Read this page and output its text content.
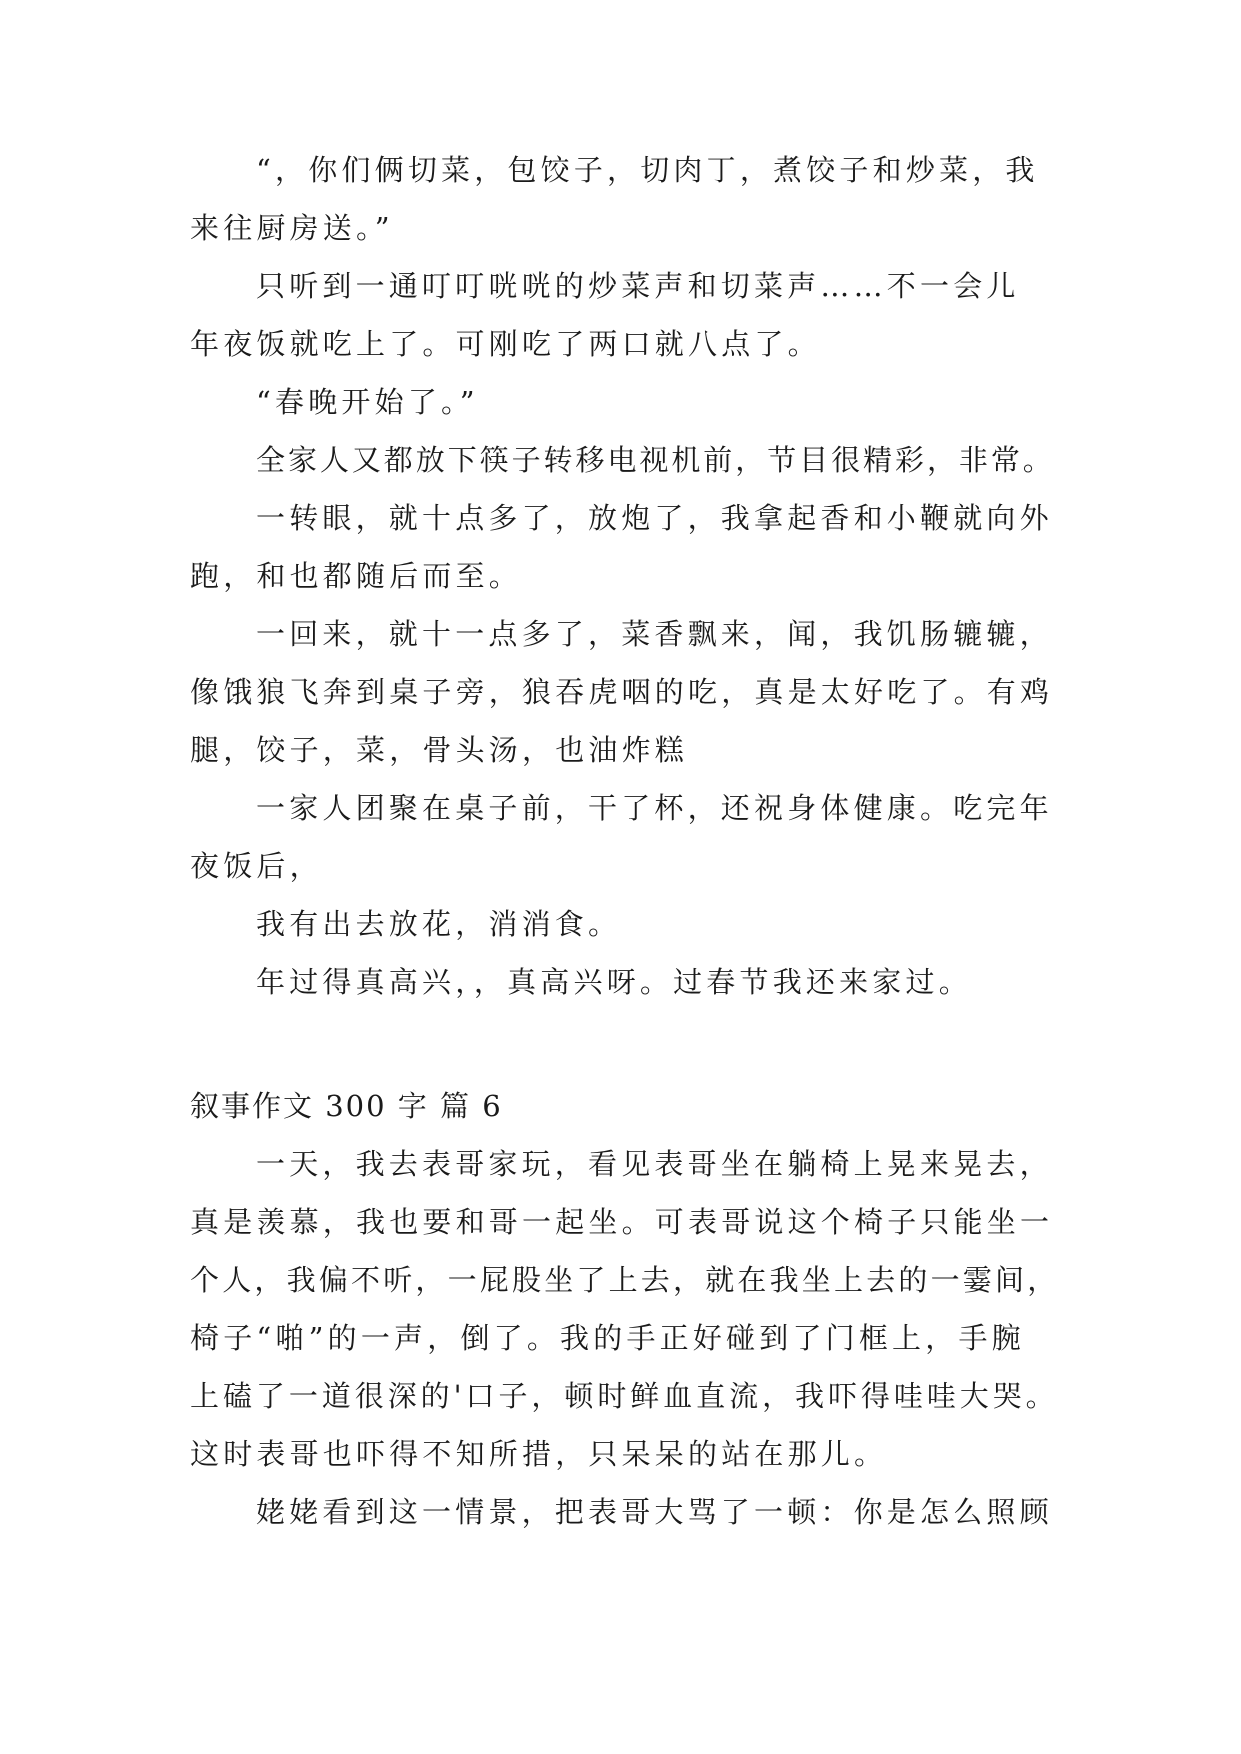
“，你们俩切菜，包饺子，切肉丁，煮饺子和炒菜，我
来往厨房送。”
只听到一通叮叮咣咣的炒菜声和切菜声……不一会儿
年夜饭就吃上了。可刚吃了两口就八点了。
“春晚开始了。”
全家人又都放下筷子转移电视机前，节目很精彩，非常。
一转眼，就十点多了，放炮了，我拿起香和小鞭就向外
跑，和也都随后而至。
一回来，就十一点多了，菜香飘来，闻，我饥肠辘辘，
像饿狼飞奔到桌子旁，狼吞虎咽的吃，真是太好吃了。有鸡
腿，饺子，菜，骨头汤，也油炸糕
一家人团聚在桌子前，干了杯，还祝身体健康。吃完年
夜饭后，
我有出去放花，消消食。
年过得真高兴，，真高兴呀。过春节我还来家过。
叙事作文 300 字 篇 6
一天，我去表哥家玩，看见表哥坐在躺椅上晃来晃去，
真是羡慕，我也要和哥一起坐。可表哥说这个椅子只能坐一
个人，我偏不听，一屁股坐了上去，就在我坐上去的一霎间，
椅子“啪”的一声，倒了。我的手正好碰到了门框上，手腕
上磕了一道很深的'口子，顿时鲜血直流，我吓得哇哇大哭。
这时表哥也吓得不知所措，只呆呆的站在那儿。
姥姥看到这一情景，把表哥大骂了一顿：你是怎么照顾
